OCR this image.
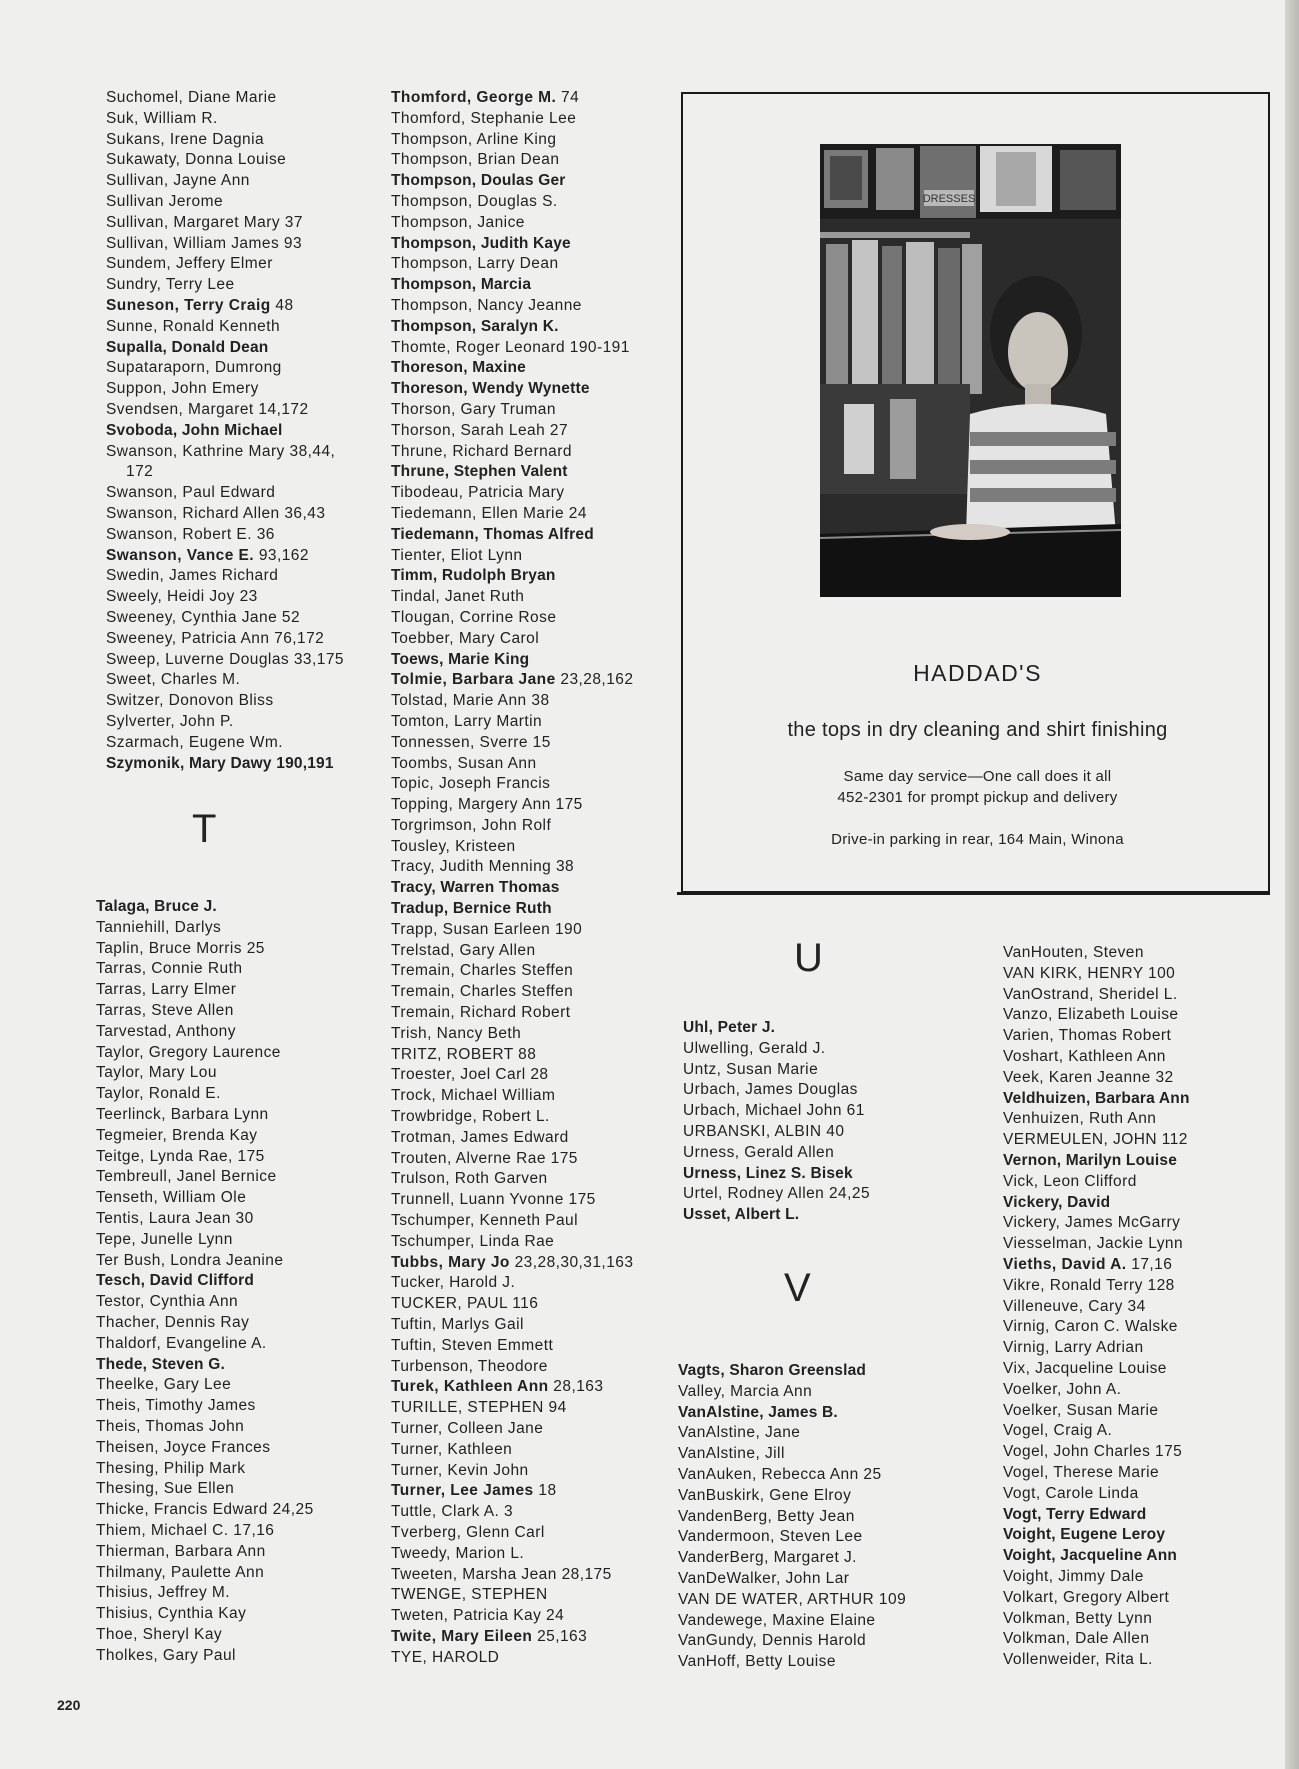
Suchomel, Diane Marie
Suk, William R.
Sukans, Irene Dagnia
Sukawaty, Donna Louise
Sullivan, Jayne Ann
Sullivan Jerome
Sullivan, Margaret Mary 37
Sullivan, William James 93
Sundem, Jeffery Elmer
Sundry, Terry Lee
Suneson, Terry Craig 48
Sunne, Ronald Kenneth
Supalla, Donald Dean
Supataraporn, Dumrong
Suppon, John Emery
Svendsen, Margaret 14,172
Svoboda, John Michael
Swanson, Kathrine Mary 38,44,
172
Swanson, Paul Edward
Swanson, Richard Allen 36,43
Swanson, Robert E. 36
Swanson, Vance E. 93,162
Swedin, James Richard
Sweely, Heidi Joy 23
Sweeney, Cynthia Jane 52
Sweeney, Patricia Ann 76,172
Sweep, Luverne Douglas 33,175
Sweet, Charles M.
Switzer, Donovon Bliss
Sylverter, John P.
Szarmach, Eugene Wm.
Szymonik, Mary Dawy 190,191
T
Talaga, Bruce J.
Tanniehill, Darlys
Taplin, Bruce Morris 25
Tarras, Connie Ruth
Tarras, Larry Elmer
Tarras, Steve Allen
Tarvestad, Anthony
Taylor, Gregory Laurence
Taylor, Mary Lou
Taylor, Ronald E.
Teerlinck, Barbara Lynn
Tegmeier, Brenda Kay
Teitge, Lynda Rae, 175
Tembreull, Janel Bernice
Tenseth, William Ole
Tentis, Laura Jean 30
Tepe, Junelle Lynn
Ter Bush, Londra Jeanine
Tesch, David Clifford
Testor, Cynthia Ann
Thacher, Dennis Ray
Thaldorf, Evangeline A.
Thede, Steven G.
Theelke, Gary Lee
Theis, Timothy James
Theis, Thomas John
Theisen, Joyce Frances
Thesing, Philip Mark
Thesing, Sue Ellen
Thicke, Francis Edward 24,25
Thiem, Michael C. 17,16
Thierman, Barbara Ann
Thilmany, Paulette Ann
Thisius, Jeffrey M.
Thisius, Cynthia Kay
Thoe, Sheryl Kay
Tholkes, Gary Paul
Thomford, George M. 74
Thomford, Stephanie Lee
Thompson, Arline King
Thompson, Brian Dean
Thompson, Doulas Ger
Thompson, Douglas S.
Thompson, Janice
Thompson, Judith Kaye
Thompson, Larry Dean
Thompson, Marcia
Thompson, Nancy Jeanne
Thompson, Saralyn K.
Thomte, Roger Leonard 190-191
Thoreson, Maxine
Thoreson, Wendy Wynette
Thorson, Gary Truman
Thorson, Sarah Leah 27
Thrune, Richard Bernard
Thrune, Stephen Valent
Tibodeau, Patricia Mary
Tiedemann, Ellen Marie 24
Tiedemann, Thomas Alfred
Tienter, Eliot Lynn
Timm, Rudolph Bryan
Tindal, Janet Ruth
Tlougan, Corrine Rose
Toebber, Mary Carol
Toews, Marie King
Tolmie, Barbara Jane 23,28,162
Tolstad, Marie Ann 38
Tomton, Larry Martin
Tonnessen, Sverre 15
Toombs, Susan Ann
Topic, Joseph Francis
Topping, Margery Ann 175
Torgrimson, John Rolf
Tousley, Kristeen
Tracy, Judith Menning 38
Tracy, Warren Thomas
Tradup, Bernice Ruth
Trapp, Susan Earleen 190
Trelstad, Gary Allen
Tremain, Charles Steffen
Tremain, Charles Steffen
Tremain, Richard Robert
Trish, Nancy Beth
TRITZ, ROBERT 88
Troester, Joel Carl 28
Trock, Michael William
Trowbridge, Robert L.
Trotman, James Edward
Trouten, Alverne Rae 175
Trulson, Roth Garven
Trunnell, Luann Yvonne 175
Tschumper, Kenneth Paul
Tschumper, Linda Rae
Tubbs, Mary Jo 23,28,30,31,163
Tucker, Harold J.
TUCKER, PAUL 116
Tuftin, Marlys Gail
Tuftin, Steven Emmett
Turbenson, Theodore
Turek, Kathleen Ann 28,163
TURILLE, STEPHEN 94
Turner, Colleen Jane
Turner, Kathleen
Turner, Kevin John
Turner, Lee James 18
Tuttle, Clark A. 3
Tverberg, Glenn Carl
Tweedy, Marion L.
Tweeten, Marsha Jean 28,175
TWENGE, STEPHEN
Tweten, Patricia Kay 24
Twite, Mary Eileen 25,163
TYE, HAROLD
DRESSES
HADDAD'S
the tops in dry cleaning and shirt finishing
Same day service—One call does it all
452-2301 for prompt pickup and delivery
Drive-in parking in rear, 164 Main, Winona
U
Uhl, Peter J.
Ulwelling, Gerald J.
Untz, Susan Marie
Urbach, James Douglas
Urbach, Michael John 61
URBANSKI, ALBIN 40
Urness, Gerald Allen
Urness, Linez S. Bisek
Urtel, Rodney Allen 24,25
Usset, Albert L.
V
Vagts, Sharon Greenslad
Valley, Marcia Ann
VanAlstine, James B.
VanAlstine, Jane
VanAlstine, Jill
VanAuken, Rebecca Ann 25
VanBuskirk, Gene Elroy
VandenBerg, Betty Jean
Vandermoon, Steven Lee
VanderBerg, Margaret J.
VanDeWalker, John Lar
VAN DE WATER, ARTHUR 109
Vandewege, Maxine Elaine
VanGundy, Dennis Harold
VanHoff, Betty Louise
VanHouten, Steven
VAN KIRK, HENRY 100
VanOstrand, Sheridel L.
Vanzo, Elizabeth Louise
Varien, Thomas Robert
Voshart, Kathleen Ann
Veek, Karen Jeanne 32
Veldhuizen, Barbara Ann
Venhuizen, Ruth Ann
VERMEULEN, JOHN 112
Vernon, Marilyn Louise
Vick, Leon Clifford
Vickery, David
Vickery, James McGarry
Viesselman, Jackie Lynn
Vieths, David A. 17,16
Vikre, Ronald Terry 128
Villeneuve, Cary 34
Virnig, Caron C. Walske
Virnig, Larry Adrian
Vix, Jacqueline Louise
Voelker, John A.
Voelker, Susan Marie
Vogel, Craig A.
Vogel, John Charles 175
Vogel, Therese Marie
Vogt, Carole Linda
Vogt, Terry Edward
Voight, Eugene Leroy
Voight, Jacqueline Ann
Voight, Jimmy Dale
Volkart, Gregory Albert
Volkman, Betty Lynn
Volkman, Dale Allen
Vollenweider, Rita L.
220
